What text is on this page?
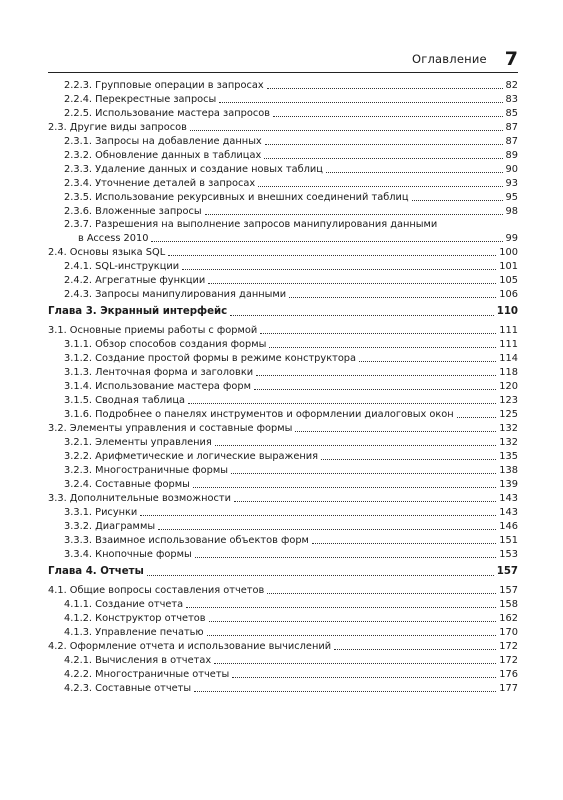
Оглавление 7
2.2.3. Групповые операции в запросах	82
2.2.4. Перекрестные запросы	83
2.2.5. Использование мастера запросов	85
2.3. Другие виды запросов	87
2.3.1. Запросы на добавление данных	87
2.3.2. Обновление данных в таблицах	89
2.3.3. Удаление данных и создание новых таблиц	90
2.3.4. Уточнение деталей в запросах	93
2.3.5. Использование рекурсивных и внешних соединений таблиц	95
2.3.6. Вложенные запросы	98
2.3.7. Разрешения на выполнение запросов манипулирования данными
в Access 2010	99
2.4. Основы языка SQL	100
2.4.1. SQL-инструкции	101
2.4.2. Агрегатные функции	105
2.4.3. Запросы манипулирования данными	106
Глава 3. Экранный интерфейс	110
3.1. Основные приемы работы с формой	111
3.1.1. Обзор способов создания формы	111
3.1.2. Создание простой формы в режиме конструктора	114
3.1.3. Ленточная форма и заголовки	118
3.1.4. Использование мастера форм	120
3.1.5. Сводная таблица	123
3.1.6. Подробнее о панелях инструментов и оформлении диалоговых окон	125
3.2. Элементы управления и составные формы	132
3.2.1. Элементы управления	132
3.2.2. Арифметические и логические выражения	135
3.2.3. Многостраничные формы	138
3.2.4. Составные формы	139
3.3. Дополнительные возможности	143
3.3.1. Рисунки	143
3.3.2. Диаграммы	146
3.3.3. Взаимное использование объектов форм	151
3.3.4. Кнопочные формы	153
Глава 4. Отчеты	157
4.1. Общие вопросы составления отчетов	157
4.1.1. Создание отчета	158
4.1.2. Конструктор отчетов	162
4.1.3. Управление печатью	170
4.2. Оформление отчета и использование вычислений	172
4.2.1. Вычисления в отчетах	172
4.2.2. Многостраничные отчеты	176
4.2.3. Составные отчеты	177
